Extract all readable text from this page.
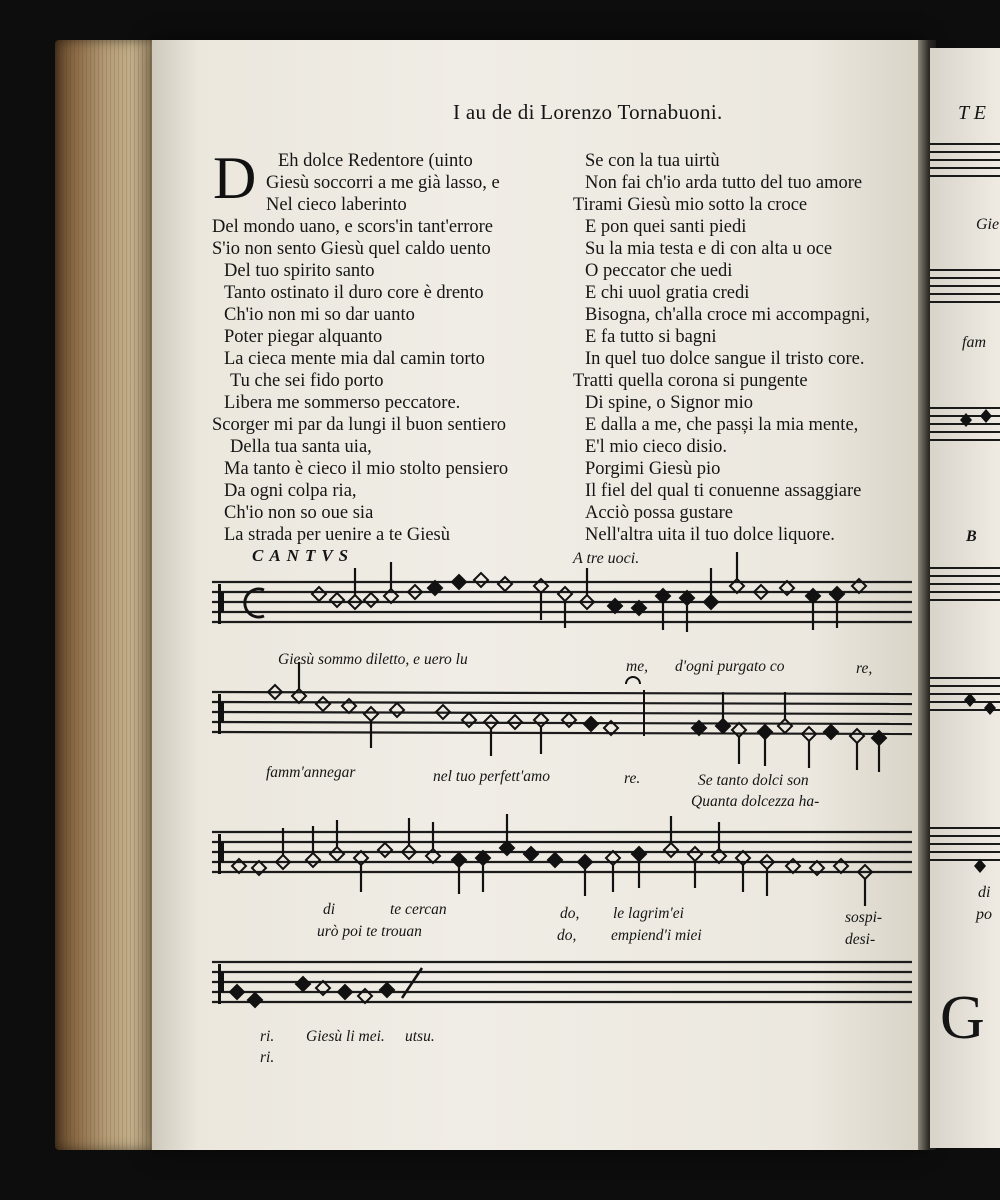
T E
Gie
fam
B
di
po
G
I au de di Lorenzo Tornabuoni.
D	Eh dolce Redentore (uinto
Giesù soccorri a me già lasso, e
Nel cieco laberinto
Del mondo uano, e scors'in tant'errore
S'io non sento Giesù quel caldo uento
Del tuo spirito santo
Tanto ostinato il duro core è drento
Ch'io non mi so dar uanto
Poter piegar alquanto
La cieca mente mia dal camin torto
Tu che sei fido porto
Libera me sommerso peccatore.
Scorger mi par da lungi il buon sentiero
Della tua santa uia,
Ma tanto è cieco il mio stolto pensiero
Da ogni colpa ria,
Ch'io non so oue sia
La strada per uenire a te Giesù
Se con la tua uirtù
Non fai ch'io arda tutto del tuo amore
Tirami Giesù mio sotto la croce
E pon quei santi piedi
Su la mia testa e di con alta u oce
O peccator che uedi
E chi uuol gratia credi
Bisogna, ch'alla croce mi accompagni,
E fa tutto si bagni
In quel tuo dolce sangue il tristo core.
Tratti quella corona si pungente
Di spine, o Signor mio
E dalla a me, che pasși la mia mente,
E'l mio cieco disio.
Porgimi Giesù pio
Il fiel del qual ti conuenne assaggiare
Acciò possa gustare
Nell'altra uita il tuo dolce liquore.
CANTVS	A tre uoci.
Giesù sommo diletto, e uero lu	me, d'ogni purgato co	re,
famm'annegar	nel tuo perfett'amo	re.	Se tanto dolci son
Quanta dolcezza ha-
di	te cercan	do, le lagrim'ei	sospi-
urò poi te trouan	do, empiend'i miei	desi-
ri. Giesù li mei. utsu.
ri.
